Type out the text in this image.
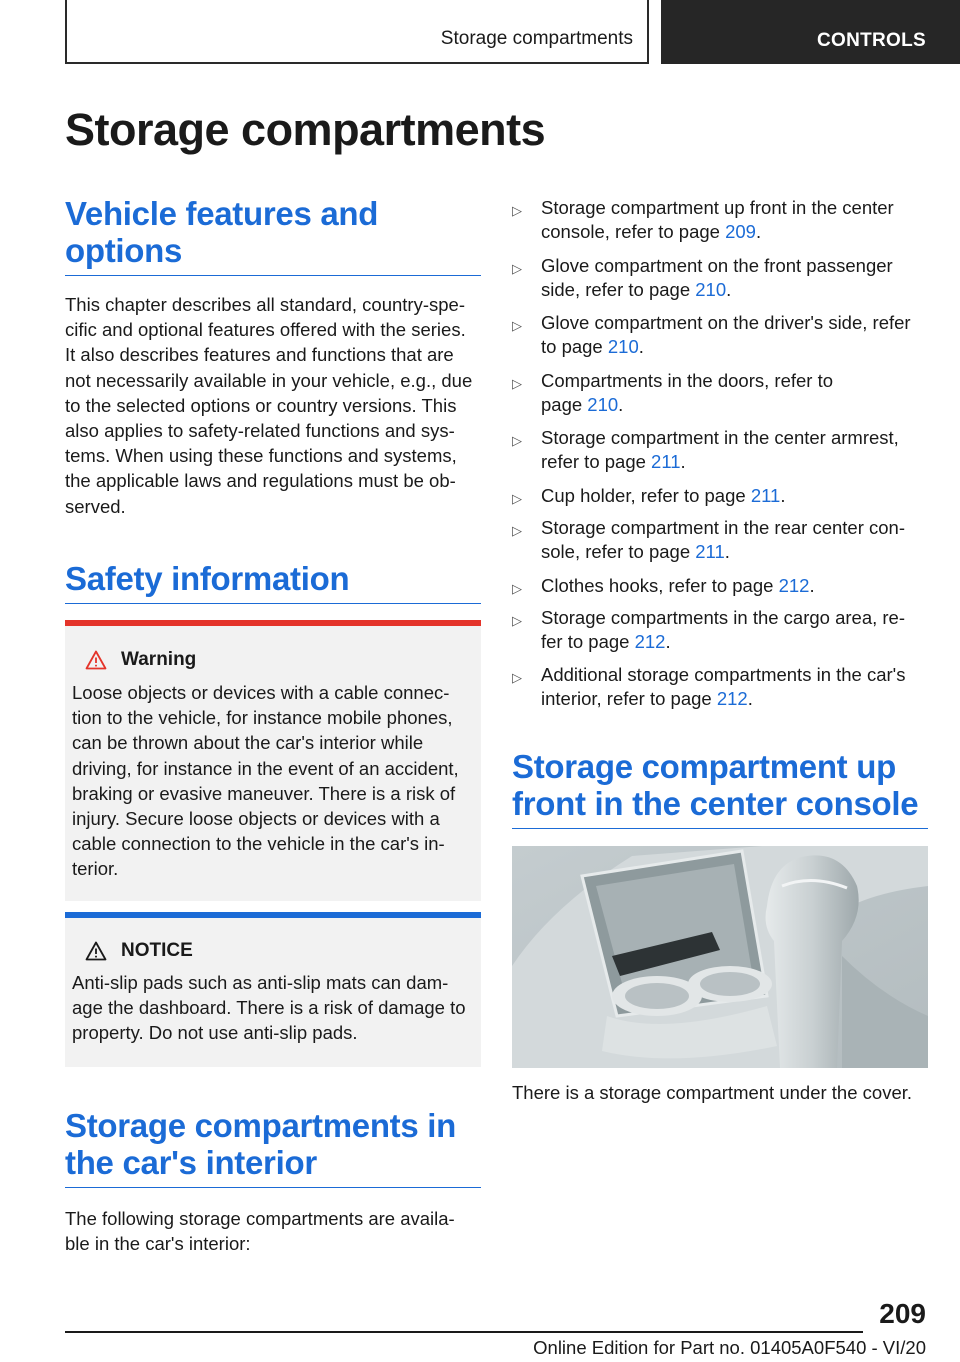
Storage compartments	CONTROLS
Storage compartments
Vehicle features and
options
This chapter describes all standard, country-spe-
cific and optional features offered with the series.
It also describes features and functions that are
not necessarily available in your vehicle, e.g., due
to the selected options or country versions. This
also applies to safety-related functions and sys-
tems. When using these functions and systems,
the applicable laws and regulations must be ob-
served.
Safety information
Warning
Loose objects or devices with a cable connec-
tion to the vehicle, for instance mobile phones,
can be thrown about the car's interior while
driving, for instance in the event of an accident,
braking or evasive maneuver. There is a risk of
injury. Secure loose objects or devices with a
cable connection to the vehicle in the car's in-
terior.
NOTICE
Anti-slip pads such as anti-slip mats can dam-
age the dashboard. There is a risk of damage to
property. Do not use anti-slip pads.
Storage compartments in
the car's interior
The following storage compartments are availa-
ble in the car's interior:
▷ Storage compartment up front in the center
console, refer to page 209.
▷ Glove compartment on the front passenger
side, refer to page 210.
▷ Glove compartment on the driver's side, refer
to page 210.
▷ Compartments in the doors, refer to
page 210.
▷ Storage compartment in the center armrest,
refer to page 211.
▷ Cup holder, refer to page 211.
▷ Storage compartment in the rear center con-
sole, refer to page 211.
▷ Clothes hooks, refer to page 212.
▷ Storage compartments in the cargo area, re-
fer to page 212.
▷ Additional storage compartments in the car's
interior, refer to page 212.
Storage compartment up
front in the center console
There is a storage compartment under the cover.
209
Online Edition for Part no. 01405A0F540 - VI/20
